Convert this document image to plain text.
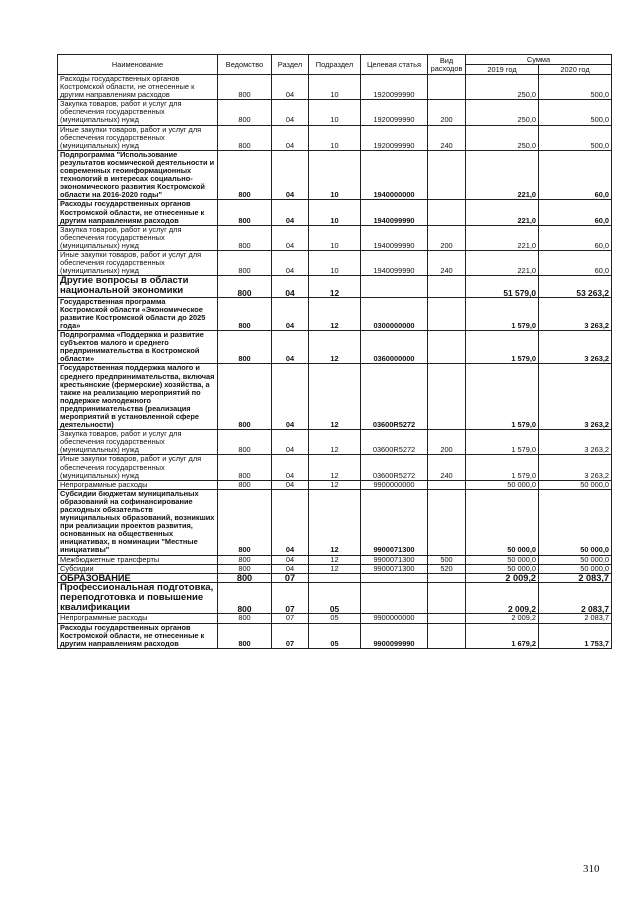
Наименование	Ведомство	Раздел	Подраздел	Целевая статья	Вид расходов	Сумма	
						2019 год	2020 год
Расходы государственных органов Костромской области, не отнесенные к другим направлениям расходов	800	04	10	1920099990		250,0	500,0
Закупка товаров, работ и услуг для обеспечения государственных (муниципальных) нужд	800	04	10	1920099990	200	250,0	500,0
Иные закупки товаров, работ и услуг для обеспечения государственных (муниципальных) нужд	800	04	10	1920099990	240	250,0	500,0
Подпрограмма "Использование результатов космической деятельности и современных геоинформационных технологий в интересах социально-экономического развития Костромской области на 2016-2020 годы"	800	04	10	1940000000		221,0	60,0
Расходы государственных органов Костромской области, не отнесенные к другим направлениям расходов	800	04	10	1940099990		221,0	60,0
Закупка товаров, работ и услуг для обеспечения государственных (муниципальных) нужд	800	04	10	1940099990	200	221,0	60,0
Иные закупки товаров, работ и услуг для обеспечения государственных (муниципальных) нужд	800	04	10	1940099990	240	221,0	60,0
Другие вопросы в области национальной экономики	800	04	12			51 579,0	53 263,2
Государственная программа Костромской области «Экономическое развитие Костромской области до 2025 года»	800	04	12	0300000000		1 579,0	3 263,2
Подпрограмма «Поддержка и развитие субъектов малого и среднего предпринимательства в Костромской области»	800	04	12	0360000000		1 579,0	3 263,2
Государственная поддержка малого и среднего предпринимательства, включая крестьянские (фермерские) хозяйства, а также на реализацию мероприятий по поддержке молодежного предпринимательства (реализация мероприятий в установленной сфере деятельности)	800	04	12	03600R5272		1 579,0	3 263,2
Закупка товаров, работ и услуг для обеспечения государственных (муниципальных) нужд	800	04	12	03600R5272	200	1 579,0	3 263,2
Иные закупки товаров, работ и услуг для обеспечения государственных (муниципальных) нужд	800	04	12	03600R5272	240	1 579,0	3 263,2
Непрограммные расходы	800	04	12	9900000000		50 000,0	50 000,0
Субсидии бюджетам муниципальных образований на софинансирование расходных обязательств муниципальных образований, возникших при реализации проектов развития, основанных на общественных инициативах, в номинации "Местные инициативы"	800	04	12	9900071300		50 000,0	50 000,0
Межбюджетные трансферты	800	04	12	9900071300	500	50 000,0	50 000,0
Субсидии	800	04	12	9900071300	520	50 000,0	50 000,0
ОБРАЗОВАНИЕ	800	07				2 009,2	2 083,7
Профессиональная подготовка, переподготовка и повышение квалификации	800	07	05			2 009,2	2 083,7
Непрограммные расходы	800	07	05	9900000000		2 009,2	2 083,7
Расходы государственных органов Костромской области, не отнесенные к другим направлениям расходов	800	07	05	9900099990		1 679,2	1 753,7
310
